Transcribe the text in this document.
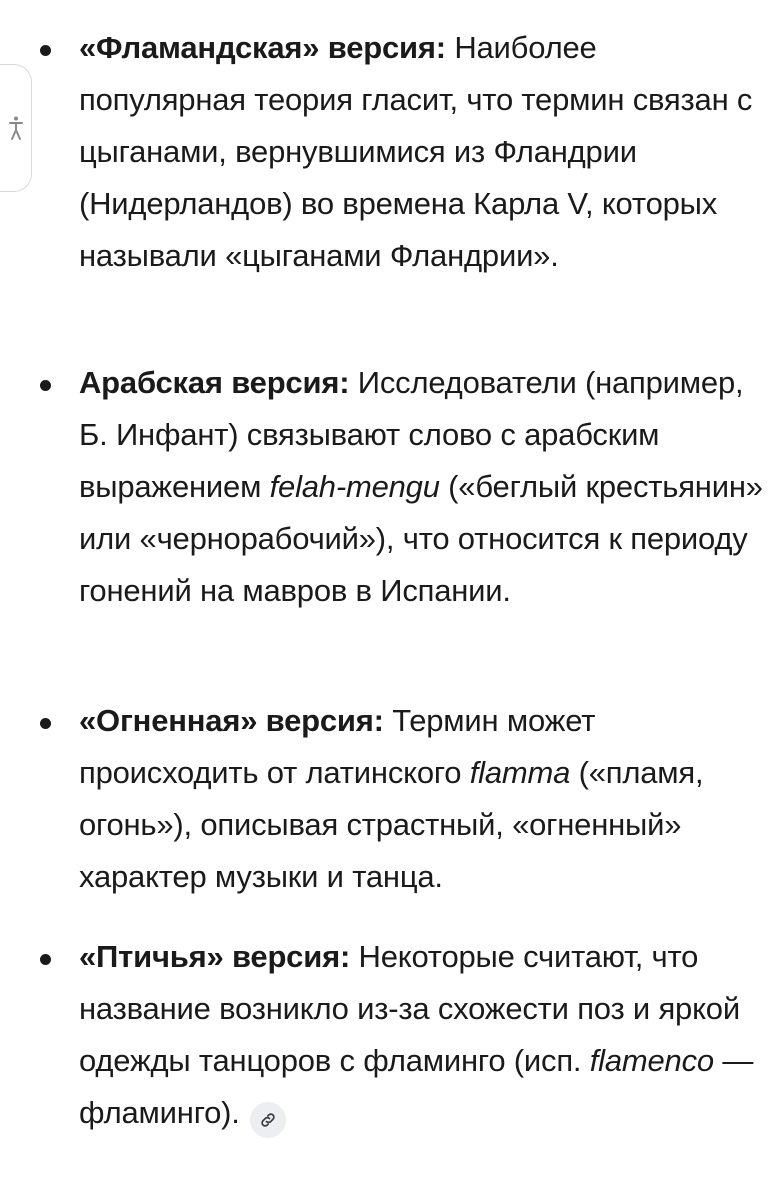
«Фламандская» версия: Наиболее популярная теория гласит, что термин связан с цыганами, вернувшимися из Фландрии (Нидерландов) во времена Карла V, которых называли «цыганами Фландрии».
Арабская версия: Исследователи (например, Б. Инфант) связывают слово с арабским выражением felah-mengu («беглый крестьянин» или «чернорабочий»), что относится к периоду гонений на мавров в Испании.
«Огненная» версия: Термин может происходить от латинского flamma («пламя, огонь»), описывая страстный, «огненный» характер музыки и танца.
«Птичья» версия: Некоторые считают, что название возникло из-за схожести поз и яркой одежды танцоров с фламинго (исп. flamenco — фламинго).
